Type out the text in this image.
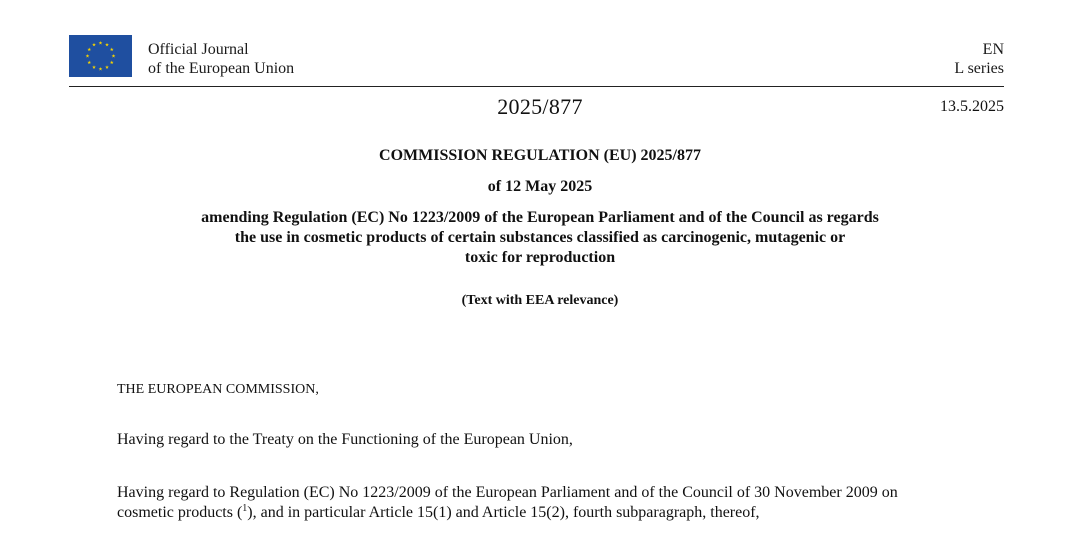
Official Journal
of the European Union
EN
L series
2025/877	13.5.2025
COMMISSION REGULATION (EU) 2025/877
of 12 May 2025
amending Regulation (EC) No 1223/2009 of the European Parliament and of the Council as regards
the use in cosmetic products of certain substances classified as carcinogenic, mutagenic or
toxic for reproduction
(Text with EEA relevance)
THE EUROPEAN COMMISSION,
Having regard to the Treaty on the Functioning of the European Union,
Having regard to Regulation (EC) No 1223/2009 of the European Parliament and of the Council of 30 November 2009 on
cosmetic products ($^1$), and in particular Article 15(1) and Article 15(2), fourth subparagraph, thereof,
